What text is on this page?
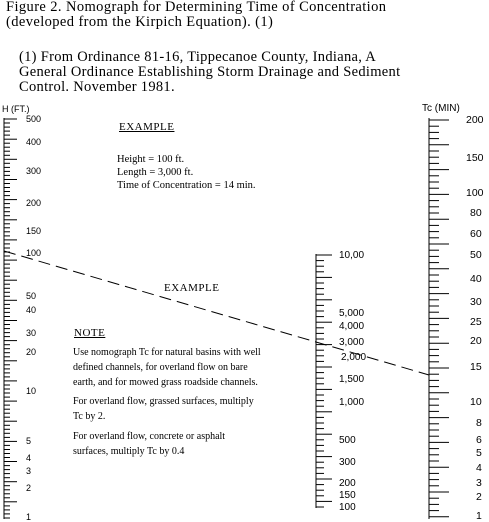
Figure 2. Nomograph for Determining Time of Concentration
(developed from the Kirpich Equation). (1)
(1) From Ordinance 81-16, Tippecanoe County, Indiana, A
General Ordinance Establishing Storm Drainage and Sediment
Control. November 1981.
H (FT.)	Tc (MIN)
EXAMPLE
Height = 100 ft.
Length = 3,000 ft.
Time of Concentration = 14 min.
EXAMPLE
NOTE
Use nomograph Tc for natural basins with well
defined channels, for overland flow on bare
earth, and for mowed grass roadside channels.
For overland flow, grassed surfaces, multiply
Tc by 2.
For overland flow, concrete or asphalt
surfaces, multiply Tc by 0.4
500
400
300
200
150
100
50
40
30
20
10
5
4
3
2
1
10,00
5,000
4,000
3,000
2,000
1,500
1,000
500
300
200
150
100
200
150
100
80
60
50
40
30
25
20
15
10
8
6
5
4
3
2
1
